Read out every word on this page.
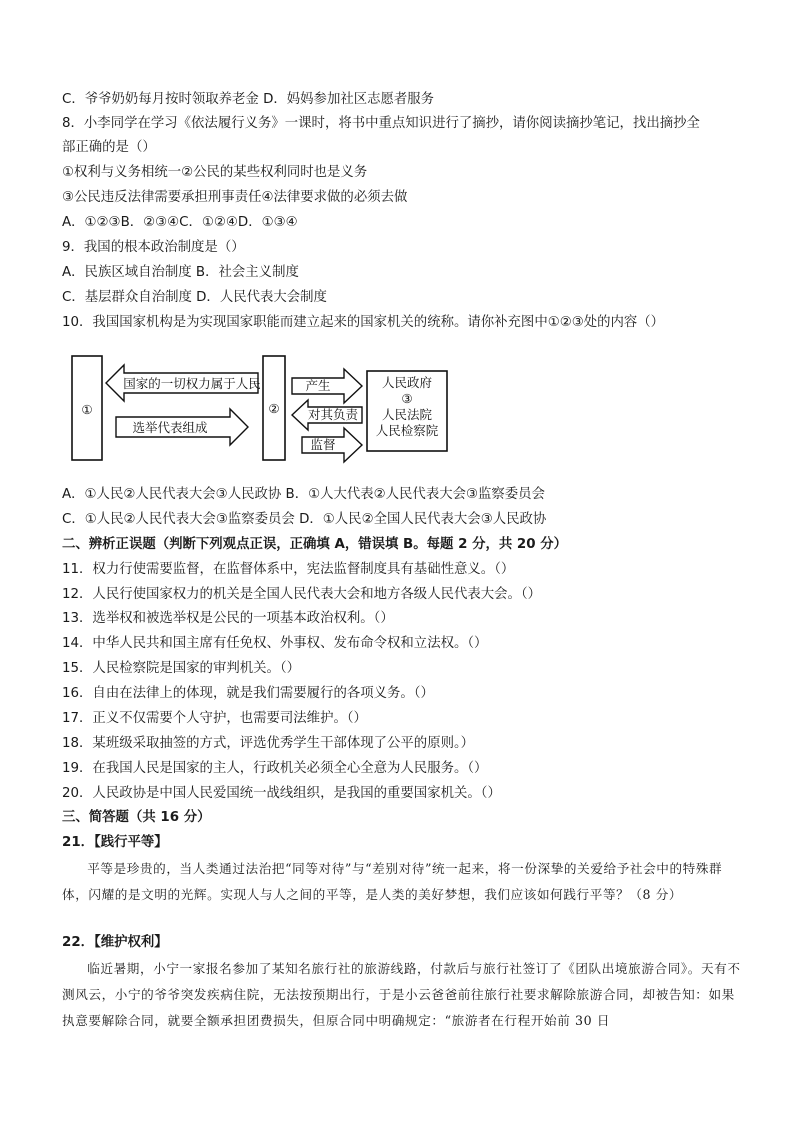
C．爷爷奶奶每月按时领取养老金 D．妈妈参加社区志愿者服务
8．小李同学在学习《依法履行义务》一课时，将书中重点知识进行了摘抄，请你阅读摘抄笔记，找出摘抄全
部正确的是（）
①权利与义务相统一②公民的某些权利同时也是义务
③公民违反法律需要承担刑事责任④法律要求做的必须去做
A．①②③B．②③④C．①②④D．①③④
9．我国的根本政治制度是（）
A．民族区域自治制度 B．社会主义制度
C．基层群众自治制度 D．人民代表大会制度
10．我国国家机构是为实现国家职能而建立起来的国家机关的统称。请你补充图中①②③处的内容（）
①
国家的一切权力属于人民
选举代表组成
②
产生
对其负责
监督
人民政府
③
人民法院
人民检察院
A．①人民②人民代表大会③人民政协 B．①人大代表②人民代表大会③监察委员会
C．①人民②人民代表大会③监察委员会 D．①人民②全国人民代表大会③人民政协
二、辨析正误题（判断下列观点正误，正确填 A，错误填 B。每题 2 分，共 20 分）
11．权力行使需要监督，在监督体系中，宪法监督制度具有基础性意义。（）
12．人民行使国家权力的机关是全国人民代表大会和地方各级人民代表大会。（）
13．选举权和被选举权是公民的一项基本政治权利。（）
14．中华人民共和国主席有任免权、外事权、发布命令权和立法权。（）
15．人民检察院是国家的审判机关。（）
16．自由在法律上的体现，就是我们需要履行的各项义务。（）
17．正义不仅需要个人守护，也需要司法维护。（）
18．某班级采取抽签的方式，评选优秀学生干部体现了公平的原则。）
19．在我国人民是国家的主人，行政机关必须全心全意为人民服务。（）
20．人民政协是中国人民爱国统一战线组织，是我国的重要国家机关。（）
三、简答题（共 16 分）
21．【践行平等】
平等是珍贵的，当人类通过法治把“同等对待”与“差别对待”统一起来，将一份深挚的关爱给予社会中的特殊群体，闪耀的是文明的光辉。实现人与人之间的平等，是人类的美好梦想，我们应该如何践行平等？（8 分）
22．【维护权利】
临近暑期，小宁一家报名参加了某知名旅行社的旅游线路，付款后与旅行社签订了《团队出境旅游合同》。天有不测风云，小宁的爷爷突发疾病住院，无法按预期出行，于是小云爸爸前往旅行社要求解除旅游合同，却被告知：如果执意要解除合同，就要全额承担团费损失，但原合同中明确规定：“旅游者在行程开始前 30 日
